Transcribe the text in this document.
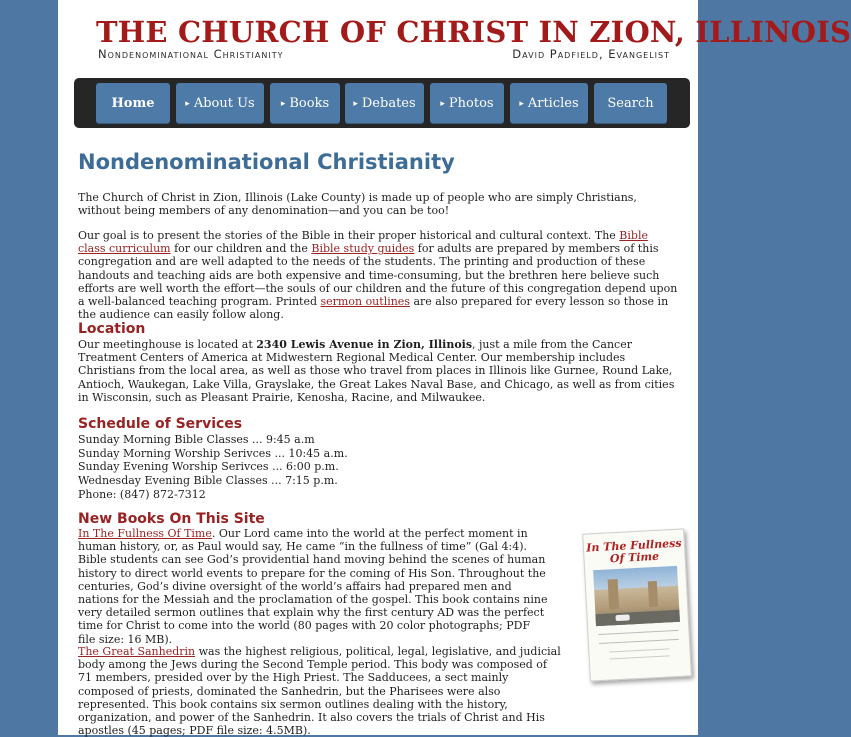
THE CHURCH OF CHRIST IN ZION, ILLINOIS
Nondenominational Christianity	David Padfield, Evangelist
Home	▸ About Us	▸ Books	▸ Debates	▸ Photos	▸ Articles Search
Nondenominational Christianity

The Church of Christ in Zion, Illinois (Lake County) is made up of people who are simply Christians, without being members of any denomination—and you can be too!

Our goal is to present the stories of the Bible in their proper historical and cultural context. The Bible class curriculum for our children and the Bible study guides for adults are prepared by members of this congregation and are well adapted to the needs of the students. The printing and production of these handouts and teaching aids are both expensive and time-consuming, but the brethren here believe such efforts are well worth the effort—the souls of our children and the future of this congregation depend upon a well-balanced teaching program. Printed sermon outlines are also prepared for every lesson so those in the audience can easily follow along.

Location

Our meetinghouse is located at 2340 Lewis Avenue in Zion, Illinois, just a mile from the Cancer Treatment Centers of America at Midwestern Regional Medical Center. Our membership includes Christians from the local area, as well as those who travel from places in Illinois like Gurnee, Round Lake, Antioch, Waukegan, Lake Villa, Grayslake, the Great Lakes Naval Base, and Chicago, as well as from cities in Wisconsin, such as Pleasant Prairie, Kenosha, Racine, and Milwaukee.

Schedule of Services
Sunday Morning Bible Classes ... 9:45 a.m
Sunday Morning Worship Serivces ... 10:45 a.m.
Sunday Evening Worship Serivces ... 6:00 p.m.
Wednesday Evening Bible Classes ... 7:15 p.m.
Phone: (847) 872-7312
New Books On This Site

In The Fullness Of Time. Our Lord came into the world at the perfect moment in human history, or, as Paul would say, He came “in the fullness of time” (Gal 4:4). Bible students can see God’s providential hand moving behind the scenes of human history to direct world events to prepare for the coming of His Son. Throughout the centuries, God’s divine oversight of the world’s affairs had prepared men and nations for the Messiah and the proclamation of the gospel. This book contains nine very detailed sermon outlines that explain why the first century AD was the perfect time for Christ to come into the world (80 pages with 20 color photographs; PDF file size: 16 MB).

The Great Sanhedrin was the highest religious, political, legal, legislative, and judicial body among the Jews during the Second Temple period. This body was composed of 71 members, presided over by the High Priest. The Sadducees, a sect mainly composed of priests, dominated the Sanhedrin, but the Pharisees were also represented. This book contains six sermon outlines dealing with the history, organization, and power of the Sanhedrin. It also covers the trials of Christ and His apostles (45 pages; PDF file size: 4.5MB).

In The Fullness Of Time
